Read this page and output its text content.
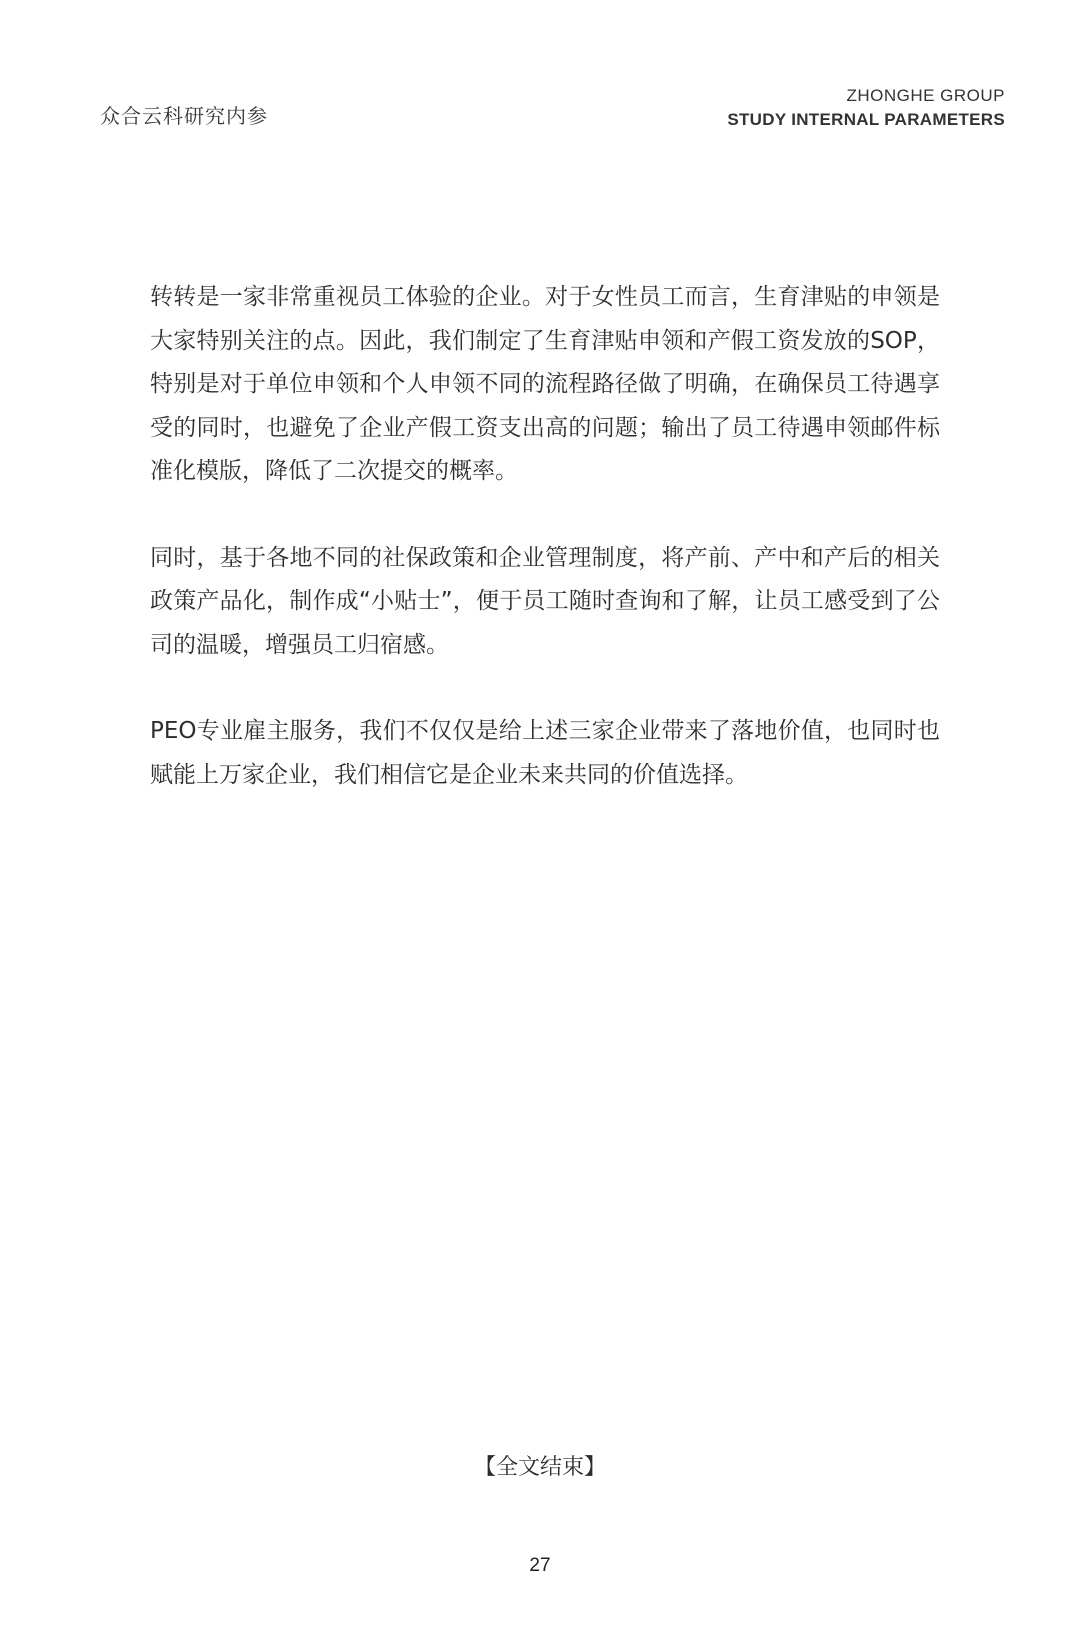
众合云科研究内参
ZHONGHE GROUP
STUDY INTERNAL PARAMETERS

转转是一家非常重视员工体验的企业。对于女性员工而言，生育津贴的申领是大家特别关注的点。因此，我们制定了生育津贴申领和产假工资发放的SOP，特别是对于单位申领和个人申领不同的流程路径做了明确，在确保员工待遇享受的同时，也避免了企业产假工资支出高的问题；输出了员工待遇申领邮件标准化模版，降低了二次提交的概率。

同时，基于各地不同的社保政策和企业管理制度，将产前、产中和产后的相关政策产品化，制作成“小贴士”，便于员工随时查询和了解，让员工感受到了公司的温暖，增强员工归宿感。

PEO专业雇主服务，我们不仅仅是给上述三家企业带来了落地价值，也同时也赋能上万家企业，我们相信它是企业未来共同的价值选择。

【全文结束】
27
